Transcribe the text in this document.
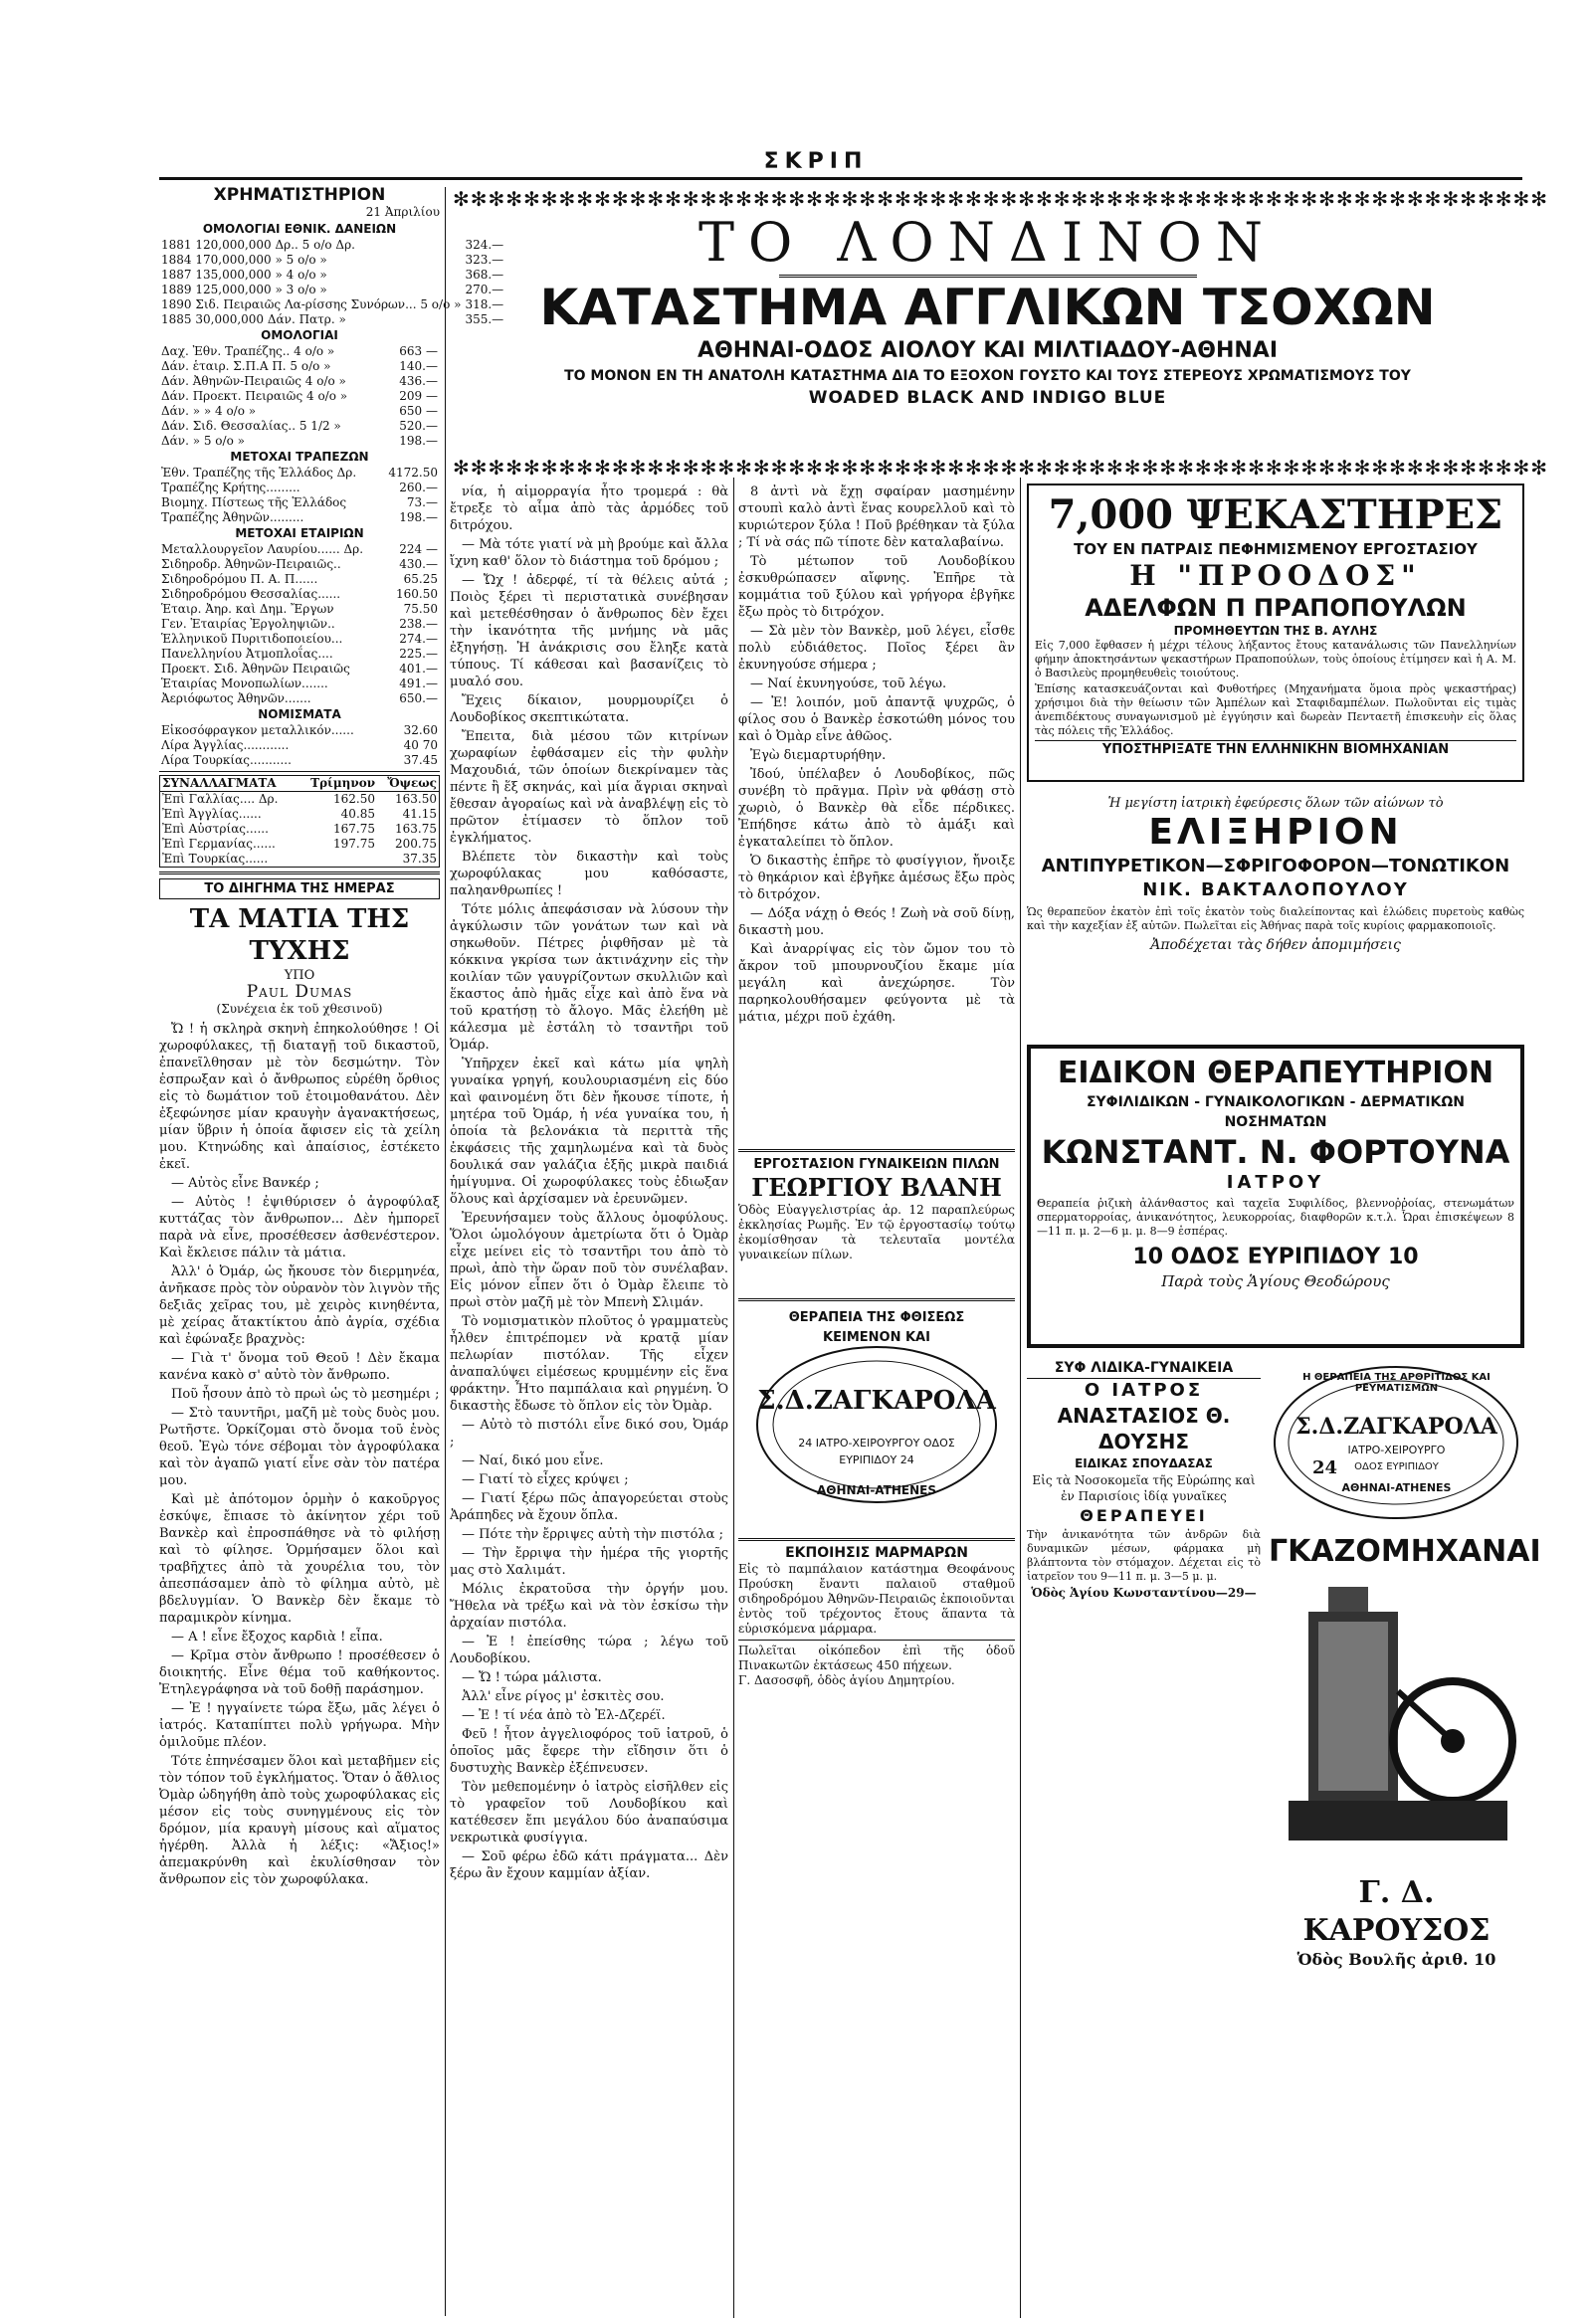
ΣΚΡΙΠ
ΧΡΗΜΑΤΙΣΤΗΡΙΟΝ
21 Ἀπριλίου
ΟΜΟΛΟΓΙΑΙ ΕΘΝΙΚ. ΔΑΝΕΙΩΝ
1881 120,000,000 Δρ.. 5 ο/ο Δρ.	324.—
1884 170,000,000 » 5 ο/ο »	323.—
1887 135,000,000 » 4 ο/ο »	368.—
1889 125,000,000 » 3 ο/ο »	270.—
1890 Σιδ. Πειραιῶς Λα-ρίσσης Συνόρων... 5 ο/ο »	318.—
1885 30,000,000 Δάν. Πατρ. »	355.—
ΟΜΟΛΟΓΙΑΙ
Δαχ. Ἐθν. Τραπέζης.. 4 ο/ο »	663 —
Δάν. ἑταιρ. Σ.Π.Α Π. 5 ο/ο »	140.—
Δάν. Ἀθηνῶν-Πειραιῶς 4 ο/ο »	436.—
Δάν. Προεκτ. Πειραιῶς 4 ο/ο »	209 —
Δάν. » » 4 ο/ο »	650 —
Δάν. Σιδ. Θεσσαλίας.. 5 1/2 »	520.—
Δάν. » 5 ο/ο »	198.—
ΜΕΤΟΧΑΙ ΤΡΑΠΕΖΩΝ
Ἐθν. Τραπέζης τῆς Ἑλλάδος Δρ.	4172.50
Τραπέζης Κρήτης.........	260.—
Βιομηχ. Πίστεως τῆς Ἑλλάδος	73.—
Τραπέζης Ἀθηνῶν.........	198.—
ΜΕΤΟΧΑΙ ΕΤΑΙΡΙΩΝ
Μεταλλουργεῖον Λαυρίου...... Δρ.	224 —
Σιδηροδρ. Ἀθηνῶν-Πειραιῶς..	430.—
Σιδηροδρόμου Π. Α. Π......	65.25
Σιδηροδρόμου Θεσσαλίας......	160.50
Ἑταιρ. Ἀηρ. καὶ Δημ. Ἔργων	75.50
Γεν. Ἑταιρίας Ἐργοληψιῶν..	238.—
Ἑλληνικοῦ Πυριτιδοποιείου...	274.—
Πανελληνίου Ἀτμοπλοΐας....	225.—
Προεκτ. Σιδ. Ἀθηνῶν Πειραιῶς	401.—
Ἑταιρίας Μονοπωλίων.......	491.—
Ἀεριόφωτος Ἀθηνῶν.......	650.—
ΝΟΜΙΣΜΑΤΑ
Εἰκοσόφραγκον μεταλλικόν......	32.60
Λίρα Ἀγγλίας............	40 70
Λίρα Τουρκίας...........	37.45
ΣΥΝΑΛΛΑΓΜΑΤΑ	Τρίμηνον	Ὄψεως
Ἐπὶ Γαλλίας.... Δρ.	162.50	163.50
Ἐπὶ Ἀγγλίας......	40.85	41.15
Ἐπὶ Αὐστρίας......	167.75	163.75
Ἐπὶ Γερμανίας......	197.75	200.75
Ἐπὶ Τουρκίας......		37.35
ΤΟ ΔΙΗΓΗΜΑ ΤΗΣ ΗΜΕΡΑΣ
ΤΑ ΜΑΤΙΑ ΤΗΣ ΤΥΧΗΣ
ΥΠΟ
Paul Dumas
(Συνέχεια ἐκ τοῦ χθεσινοῦ)

Ὤ ! ἡ σκληρὰ σκηνὴ ἐπηκολούθησε ! Οἱ χωροφύλακες, τῇ διαταγῇ τοῦ δικαστοῦ, ἐπανεῖλθησαν μὲ τὸν δεσμώτην. Τὸν ἐσπρωξαν καὶ ὁ ἄνθρωπος εὑρέθη ὄρθιος εἰς τὸ δωμάτιον τοῦ ἐτοιμοθανάτου. Δὲν ἐξεφώνησε μίαν κραυγὴν ἀγανακτήσεως, μίαν ὕβριν ἡ ὁποία ἄφισεν εἰς τὰ χείλη μου. Κτηνώδης καὶ ἀπαίσιος, ἐστέκετο ἐκεῖ.

— Αὐτὸς εἶνε Βανκέρ ;

— Αὐτὸς ! ἐψιθύρισεν ὁ ἀγροφύλαξ κυττάζας τὸν ἄνθρωπον... Δὲν ἠμπορεῖ παρὰ νὰ εἶνε, προσέθεσεν ἀσθενέστερον. Καὶ ἔκλεισε πάλιν τὰ μάτια.

Ἀλλ' ὁ Ὀμάρ, ὡς ἤκουσε τὸν διερμηνέα, ἀνῆκασε πρὸς τὸν οὐρανὸν τὸν λιγνὸν τῆς δεξιᾶς χεῖρας του, μὲ χειρὸς κινηθέντα, μὲ χείρας ἄτακτίκτου ἀπὸ ἀγρία, σχέδια καὶ ἐφώναξε βραχνὸς:

— Γιὰ τ' ὄνομα τοῦ Θεοῦ ! Δὲν ἔκαμα κανένα κακὸ σ' αὐτὸ τὸν ἄνθρωπο.

Ποῦ ἦσουν ἀπὸ τὸ πρωὶ ὡς τὸ μεσημέρι ;

— Στὸ ταυντῆρι, μαζῆ μὲ τοὺς δυὸς μου. Ρωτῆστε. Ὁρκίζομαι στὸ ὄνομα τοῦ ἑνὸς θεοῦ. Ἐγὼ τόνε σέβομαι τὸν ἀγροφύλακα καὶ τὸν ἀγαπῶ γιατί εἶνε σὰν τὸν πατέρα μου.

Καὶ μὲ ἀπότομον ὁρμὴν ὁ κακοῦργος ἐσκύψε, ἔπιασε τὸ ἀκίνητον χέρι τοῦ Βανκὲρ καὶ ἐπροσπάθησε νὰ τὸ φιλήσῃ καὶ τὸ φίλησε. Ὁρμήσαμεν ὅλοι καὶ τραβῆχτες ἀπὸ τὰ χουρέλια του, τὸν ἀπεσπάσαμεν ἀπὸ τὸ φίλημα αὐτὸ, μὲ βδελυγμίαν. Ὁ Βανκὲρ δὲν ἔκαμε τὸ παραμικρὸν κίνημα.

— Α ! εἶνε ἔξοχος καρδιὰ ! εἶπα.

— Κρῖμα στὸν ἄνθρωπο ! προσέθεσεν ὁ διοικητής. Εἶνε θέμα τοῦ καθήκοντος. Ἐτηλεγράφησα νὰ τοῦ δοθῇ παράσημον.

— Ἐ ! ηγγαίνετε τώρα ἔξω, μᾶς λέγει ὁ ἰατρός. Καταπίπτει πολὺ γρήγωρα. Μὴν ὁμιλοῦμε πλέον.

Τότε ἐπηνέσαμεν ὅλοι καὶ μεταβῆμεν εἰς τὸν τόπον τοῦ ἐγκλήματος. Ὅταν ὁ ἄθλιος Ὀμὰρ ὡδηγήθη ἀπὸ τοὺς χωροφύλακας εἰς μέσον εἰς τοὺς συνηγμένους εἰς τὸν δρόμον, μία κραυγὴ μίσους καὶ αἵματος ἠγέρθη. Ἀλλὰ ἡ λέξις: «Ἄξιος!» ἀπεμακρύνθη καὶ ἐκυλίσθησαν τὸν ἄνθρωπον εἰς τὸν χωροφύλακα.

✻✻✻✻✻✻✻✻✻✻✻✻✻✻✻✻✻✻✻✻✻✻✻✻✻✻✻✻✻✻✻✻✻✻✻✻✻✻✻✻✻✻✻✻✻✻✻✻✻✻✻✻✻✻✻✻✻✻✻✻✻✻
✻✻✻✻✻✻✻✻✻✻✻✻✻✻✻✻✻✻✻✻✻✻✻✻✻✻✻✻✻✻✻✻✻✻✻✻✻✻✻✻✻✻✻✻✻✻✻✻✻✻✻✻✻✻✻✻✻✻✻✻✻✻
ΤΟ ΛΟΝΔΙΝΟΝ
ΚΑΤΑΣΤΗΜΑ ΑΓΓΛΙΚΩΝ ΤΣΟΧΩΝ
ΑΘΗΝΑΙ-ΟΔΟΣ ΑΙΟΛΟΥ ΚΑΙ ΜΙΛΤΙΑΔΟΥ-ΑΘΗΝΑΙ
ΤΟ ΜΟΝΟΝ ΕΝ ΤΗ ΑΝΑΤΟΛΗ ΚΑΤΑΣΤΗΜΑ ΔΙΑ ΤΟ ΕΞΟΧΟΝ ΓΟΥΣΤΟ ΚΑΙ ΤΟΥΣ ΣΤΕΡΕΟΥΣ ΧΡΩΜΑΤΙΣΜΟΥΣ ΤΟΥ
WOADED BLACK AND INDIGO BLUE

νία, ἡ αἱμορραγία ἦτο τρομερά : θὰ ἔτρεξε τὸ αἷμα ἀπὸ τὰς ἀρμόδες τοῦ διτρόχου.

— Μὰ τότε γιατί νὰ μὴ βρούμε καὶ ἄλλα ἴχνη καθ' ὅλον τὸ διάστημα τοῦ δρόμου ;

— Ὤχ ! ἀδερφέ, τί τὰ θέλεις αὐτά ; Ποιὸς ξέρει τὶ περιστατικὰ συνέβησαν καὶ μετεθέσθησαν ὁ ἄνθρωπος δὲν ἔχει τὴν ἱκανότητα τῆς μνήμης νὰ μᾶς ἐξηγήσῃ. Ἡ ἀνάκρισις σου ἔληξε κατὰ τύπους. Τί κάθεσαι καὶ βασανίζεις τὸ μυαλό σου.

Ἔχεις δίκαιον, μουρμουρίζει ὁ Λουδοβίκος σκεπτικώτατα.

Ἔπειτα, διὰ μέσου τῶν κιτρίνων χωραφίων ἐφθάσαμεν εἰς τὴν φυλὴν Μαχουδιά, τῶν ὁποίων διεκρίναμεν τὰς πέντε ἢ ἕξ σκηνάς, καὶ μία ἄγριαι σκηναὶ ἔθεσαν ἀγοραίως καὶ νὰ ἀναβλέψῃ εἰς τὸ πρῶτον ἐτίμασεν τὸ ὅπλον τοῦ ἐγκλήματος.

Βλέπετε τὸν δικαστὴν καὶ τοὺς χωροφύλακας μου καθόσαστε, παληανθρωπίες !

Τότε μόλις ἀπεφάσισαν νὰ λύσουν τὴν ἀγκύλωσιν τῶν γονάτων των καὶ νὰ σηκωθοῦν. Πέτρες ῥιφθῆσαν μὲ τὰ κόκκινα γκρίσα των ἀκτινάχνην εἰς τὴν κοιλίαν τῶν γαυγρίζοντων σκυλλιῶν καὶ ἕκαστος ἀπὸ ἡμᾶς εἶχε καὶ ἀπὸ ἕνα νὰ τοῦ κρατήσῃ τὸ ἄλογο. Μᾶς ἐλεήθη μὲ κάλεσμα μὲ ἐστάλη τὸ τσαντῆρι τοῦ Ὀμάρ.

Ὑπῆρχεν ἐκεῖ καὶ κάτω μία ψηλὴ γυναίκα γρηγή, κουλουριασμένη εἰς δύο καὶ φαινομένη ὅτι δὲν ἤκουσε τίποτε, ἡ μητέρα τοῦ Ὀμάρ, ἡ νέα γυναίκα του, ἡ ὁποία τὰ βελονάκια τὰ περιττὰ τῆς ἐκφάσεις τῆς χαμηλωμένα καὶ τὰ δυὸς δουλικά σαν γαλάζια ἑξῆς μικρὰ παιδιά ἡμίγυμνα. Οἱ χωροφύλακες τοὺς ἐδιωξαν ὅλους καὶ ἀρχίσαμεν νὰ ἐρευνῶμεν.

Ἐρευνήσαμεν τοὺς ἄλλους ὁμοφύλους. Ὅλοι ὡμολόγουν ἀμετρίωτα ὅτι ὁ Ὀμὰρ εἶχε μείνει εἰς τὸ τσαντῆρι του ἀπὸ τὸ πρωὶ, ἀπὸ τὴν ὥραν ποῦ τὸν συνέλαβαν. Εἰς μόνον εἶπεν ὅτι ὁ Ὀμὰρ ἔλειπε τὸ πρωὶ στὸν μαζῆ μὲ τὸν Μπενὴ Σλιμάν.

Τὸ νομισματικὸν πλοῦτος ὁ γραμματεὺς ἦλθεν ἐπιτρέπομεν νὰ κρατᾷ μίαν πελωρίαν πιστόλαν. Τῆς εἶχεν ἀναπαλύψει εἰμέσεως κρυμμένην εἰς ἕνα φράκτην. Ἦτο παμπάλαια καὶ ρηγμένη. Ὁ δικαστὴς ἔδωσε τὸ ὅπλον εἰς τὸν Ὀμὰρ.

— Αὐτὸ τὸ πιστόλι εἶνε δικό σου, Ὀμάρ ;

— Ναί, δικό μου εἶνε.

— Γιατί τὸ εἶχες κρύψει ;

— Γιατί ξέρω πῶς ἀπαγορεύεται στοὺς Ἀράπηδες νὰ ἔχουν ὅπλα.

— Πότε τὴν ἔρριψες αὐτὴ τὴν πιστόλα ;

— Τὴν ἔρριψα τὴν ἡμέρα τῆς γιορτῆς μας στὸ Χαλιμάτ.

Μόλις ἐκρατοῦσα τὴν ὀργήν μου. Ἤθελα νὰ τρέξω καὶ νὰ τὸν ἐσκίσω τὴν ἀρχαίαν πιστόλα.

— Ἐ ! ἐπείσθης τώρα ; λέγω τοῦ Λουδοβίκου.

— Ὤ ! τώρα μάλιστα.

Ἀλλ' εἶνε ρίγος μ' ἐσκιτὲς σου.

— Ἐ ! τί νέα ἀπὸ τὸ Ἐλ-Δζερέϊ.

Φεῦ ! ἦτον ἀγγελιοφόρος τοῦ ἰατροῦ, ὁ ὁποῖος μᾶς ἔφερε τὴν εἴδησιν ὅτι ὁ δυστυχὴς Βανκὲρ ἐξέπνευσεν.

Τὸν μεθεπομένην ὁ ἰατρὸς εἰσῆλθεν εἰς τὸ γραφεῖον τοῦ Λουδοβίκου καὶ κατέθεσεν ἔπι μεγάλου δύο ἀναπαύσιμα νεκρωτικὰ φυσίγγια.

— Σοῦ φέρω ἐδῶ κάτι πράγματα... Δὲν ξέρω ἂν ἔχουν καμμίαν ἀξίαν.

8 ἀντὶ νὰ ἔχῃ σφαίραν μασημένην στουπὶ καλὸ ἀντὶ ἕνας κουρελλοῦ καὶ τὸ κυριώτερον ξύλα ! Ποῦ βρέθηκαν τὰ ξύλα ; Τί νὰ σάς πῶ τίποτε δὲν καταλαβαίνω.

Τὸ μέτωπον τοῦ Λουδοβίκου ἐσκυθρώπασεν αἴφνης. Ἐπῆρε τὰ κομμάτια τοῦ ξύλου καὶ γρήγορα ἐβγῆκε ἔξω πρὸς τὸ διτρόχον.

— Σὰ μὲν τὸν Βανκὲρ, μοῦ λέγει, εἶσθε πολὺ εὐδιάθετος. Ποῖος ξέρει ἂν ἐκυνηγούσε σήμερα ;

— Ναί ἐκυνηγούσε, τοῦ λέγω.

— Ἐ! λοιπόν, μοῦ ἀπαντᾷ ψυχρῶς, ὁ φίλος σου ὁ Βανκὲρ ἐσκοτώθη μόνος του καὶ ὁ Ὀμὰρ εἶνε ἀθῶος.

Ἐγὼ διεμαρτυρήθην.

Ἰδού, ὑπέλαβεν ὁ Λουδοβίκος, πῶς συνέβη τὸ πρᾶγμα. Πρὶν νὰ φθάσῃ στὸ χωριὸ, ὁ Βανκὲρ θὰ εἶδε πέρδικες. Ἐπήδησε κάτω ἀπὸ τὸ ἁμάξι καὶ ἐγκαταλείπει τὸ ὅπλον.

Ὁ δικαστὴς ἐπῆρε τὸ φυσίγγιον, ἤνοιξε τὸ θηκάριον καὶ ἐβγῆκε ἀμέσως ἔξω πρὸς τὸ διτρόχον.

— Δόξα νάχῃ ὁ Θεός ! Ζωὴ νὰ σοῦ δίνῃ, δικαστὴ μου.

Καὶ ἀναρρίψας εἰς τὸν ὤμον του τὸ ἄκρον τοῦ μπουρνουζίου ἔκαμε μία μεγάλη καὶ ἀνεχώρησε. Τὸν παρηκολουθήσαμεν φεύγοντα μὲ τὰ μάτια, μέχρι ποῦ ἐχάθη.

ΕΡΓΟΣΤΑΣΙΟΝ ΓΥΝΑΙΚΕΙΩΝ ΠΙΛΩΝ
ΓΕΩΡΓΙΟΥ ΒΛΑΝΗ
Ὁδὸς Εὐαγγελιστρίας ἀρ. 12 παραπλεύρως ἐκκλησίας Ρωμῆς. Ἐν τῷ ἐργοστασίῳ τούτῳ ἐκομίσθησαν τὰ τελευταῖα μοντέλα γυναικείων πίλων.
ΘΕΡΑΠΕΙΑ ΤΗΣ ΦΘΙΣΕΩΣ
ΚΕΙΜΕΝΟΝ ΚΑΙ
Σ.Δ.ΖΑΓΚΑΡΟΛΑ
24 ΙΑΤΡΟ-ΧΕΙΡΟΥΡΓΟΥ ΟΔΟΣ ΕΥΡΙΠΙΔΟΥ 24
ΑΘΗΝΑΙ-ATHENES
ΕΚΠΟΙΗΣΙΣ ΜΑΡΜΑΡΩΝ
Εἰς τὸ παμπάλαιον κατάστημα Θεοφάνους Προύσκη ἔναντι παλαιοῦ σταθμοῦ σιδηροδρόμου Ἀθηνῶν-Πειραιῶς ἐκποιοῦνται ἐντὸς τοῦ τρέχοντος ἔτους ἅπαντα τὰ εὑρισκόμενα μάρμαρα.
Πωλεῖται οἰκόπεδον ἐπὶ τῆς ὁδοῦ Πινακωτῶν ἐκτάσεως 450 πήχεων.
Γ. Δασοσφῆ, ὁδὸς ἁγίου Δημητρίου.
7,000 ΨΕΚΑΣΤΗΡΕΣ
ΤΟΥ ΕΝ ΠΑΤΡΑΙΣ ΠΕΦΗΜΙΣΜΕΝΟΥ ΕΡΓΟΣΤΑΣΙΟΥ
Η "ΠΡΟΟΔΟΣ"
ΑΔΕΛΦΩΝ Π ΠΡΑΠΟΠΟΥΛΩΝ
ΠΡΟΜΗΘΕΥΤΩΝ ΤΗΣ Β. ΑΥΛΗΣ
Εἰς 7,000 ἔφθασεν ἡ μέχρι τέλους λήξαντος ἔτους κατανάλωσις τῶν Πανελληνίων φήμην ἀποκτησάντων ψεκαστήρων Πραποπούλων, τοὺς ὁποίους ἐτίμησεν καὶ ἡ Α. Μ. ὁ Βασιλεὺς προμηθευθεὶς τοιούτους.
Ἐπίσης κατασκευάζονται καὶ Φυθοτήρες (Μηχανήματα ὅμοια πρὸς ψεκαστήρας) χρήσιμοι διὰ τὴν θείωσιν τῶν Ἀμπέλων καὶ Σταφιδαμπέλων. Πωλοῦνται εἰς τιμὰς ἀνεπιδέκτους συναγωνισμοῦ μὲ ἐγγύησιν καὶ δωρεὰν Πενταετῆ ἐπισκευὴν εἰς ὅλας τὰς πόλεις τῆς Ἑλλάδος.
ΥΠΟΣΤΗΡΙΞΑΤΕ ΤΗΝ ΕΛΛΗΝΙΚΗΝ ΒΙΟΜΗΧΑΝΙΑΝ
Ἡ μεγίστη ἰατρικὴ ἐφεύρεσις ὅλων τῶν αἰώνων τὸ
ΕΛΙΞΗΡΙΟΝ
ΑΝΤΙΠΥΡΕΤΙΚΟΝ—ΣΦΡΙΓΟΦΟΡΟΝ—ΤΟΝΩΤΙΚΟΝ
ΝΙΚ. ΒΑΚΤΑΛΟΠΟΥΛΟΥ
Ὡς θεραπεῦον ἑκατὸν ἐπὶ τοῖς ἑκατὸν τοὺς διαλείποντας καὶ ἑλώδεις πυρετοὺς καθὼς καὶ τὴν καχεξίαν ἐξ αὐτῶν. Πωλεῖται εἰς Ἀθήνας παρὰ τοῖς κυρίοις φαρμακοποιοῖς.
Ἀποδέχεται τὰς δήθεν ἀπομιμήσεις
ΕΙΔΙΚΟΝ ΘΕΡΑΠΕΥΤΗΡΙΟΝ
ΣΥΦΙΛΙΔΙΚΩΝ - ΓΥΝΑΙΚΟΛΟΓΙΚΩΝ - ΔΕΡΜΑΤΙΚΩΝ ΝΟΣΗΜΑΤΩΝ
ΚΩΝΣΤΑΝΤ. Ν. ΦΟΡΤΟΥΝΑ
ΙΑΤΡΟΥ
Θεραπεία ῥιζικὴ ἀλάνθαστος καὶ ταχεῖα Συφιλίδος, βλεννοῤῥοίας, στενωμάτων σπερματορροίας, ἀνικανότητος, λευκορροίας, διαφθορῶν κ.τ.λ. Ὧραι ἐπισκέψεων 8—11 π. μ. 2—6 μ. μ. 8—9 ἑσπέρας.
10 ΟΔΟΣ ΕΥΡΙΠΙΔΟΥ 10
Παρὰ τοὺς Ἁγίους Θεοδώρους
ΣΥΦ ΛΙΔΙΚΑ-ΓΥΝΑΙΚΕΙΑ
Ο ΙΑΤΡΟΣ
ΑΝΑΣΤΑΣΙΟΣ Θ. ΔΟΥΣΗΣ
ΕΙΔΙΚΑΣ ΣΠΟΥΔΑΣΑΣ
Εἰς τὰ Νοσοκομεῖα τῆς Εὐρώπης καὶ ἐν Παρισίοις ἰδίᾳ γυναῖκες
ΘΕΡΑΠΕΥΕΙ
Τὴν ἀνικανότητα τῶν ἀνδρῶν διὰ δυναμικῶν μέσων, φάρμακα μὴ βλάπτοντα τὸν στόμαχον. Δέχεται εἰς τὸ ἰατρεῖον του 9—11 π. μ. 3—5 μ. μ.
Ὁδὸς Ἁγίου Κωνσταντίνου—29—
Η ΘΕΡΑΠΕΙΑ ΤΗΣ ΑΡΘΡΙΤΙΔΟΣ ΚΑΙ ΡΕΥΜΑΤΙΣΜΩΝ
Σ.Δ.ΖΑΓΚΑΡΟΛΑ
ΙΑΤΡΟ-ΧΕΙΡΟΥΡΓΟ
24	ΟΔΟΣ ΕΥΡΙΠΙΔΟΥ
ΑΘΗΝΑΙ-ATHENES
ΓΚΑΖΟΜΗΧΑΝΑΙ
Γ. Δ. ΚΑΡΟΥΣΟΣ
Ὁδὸς Βουλῆς ἀριθ. 10
